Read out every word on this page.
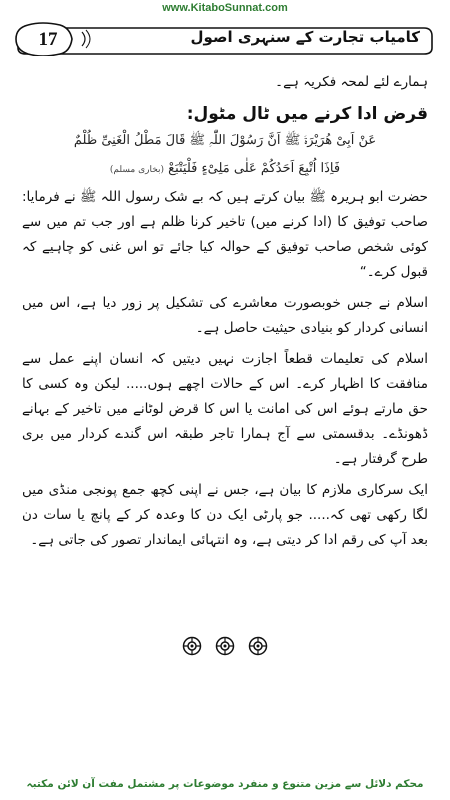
www.KitaboSunnat.com
17	کامیاب تجارت کے سنہری اصول

ہمارے لئے لمحہ فکریہ ہے۔

قرض ادا کرنے میں ٹال مٹول:
عَنْ اَبِیْ ھُرَیْرَۃَ ﷺ اَنَّ رَسُوْلَ اللّٰہِ ﷺ قَالَ مَطْلُ الْغَنِیِّ ظُلْمٌ
فَاِذَا اُتْبِعَ اَحَدُکُمْ عَلٰی مَلِیْءٍ فَلْیَتْبَعْ (بخاری مسلم)

حضرت ابو ہریرہ ﷺ بیان کرتے ہیں کہ بے شک رسول اللہ ﷺ نے فرمایا: صاحب توفیق کا (ادا کرنے میں) تاخیر کرنا ظلم ہے اور جب تم میں سے کوئی شخص صاحب توفیق کے حوالہ کیا جائے تو اس غنی کو چاہیے کہ قبول کرے۔“

اسلام نے جس خوبصورت معاشرے کی تشکیل پر زور دیا ہے، اس میں انسانی کردار کو بنیادی حیثیت حاصل ہے۔

اسلام کی تعلیمات قطعاً اجازت نہیں دیتیں کہ انسان اپنے عمل سے منافقت کا اظہار کرے۔ اس کے حالات اچھے ہوں..... لیکن وہ کسی کا حق مارتے ہوئے اس کی امانت یا اس کا قرض لوٹانے میں تاخیر کے بہانے ڈھونڈے۔ بدقسمتی سے آج ہمارا تاجر طبقہ اس گندے کردار میں بری طرح گرفتار ہے۔

ایک سرکاری ملازم کا بیان ہے، جس نے اپنی کچھ جمع پونجی منڈی میں لگا رکھی تھی کہ..... جو پارٹی ایک دن کا وعدہ کر کے پانچ یا سات دن بعد آپ کی رقم ادا کر دیتی ہے، وہ انتہائی ایماندار تصور کی جاتی ہے۔

محکم دلائل سے مزین متنوع و منفرد موضوعات پر مشتمل مفت آن لائن مکتبہ
